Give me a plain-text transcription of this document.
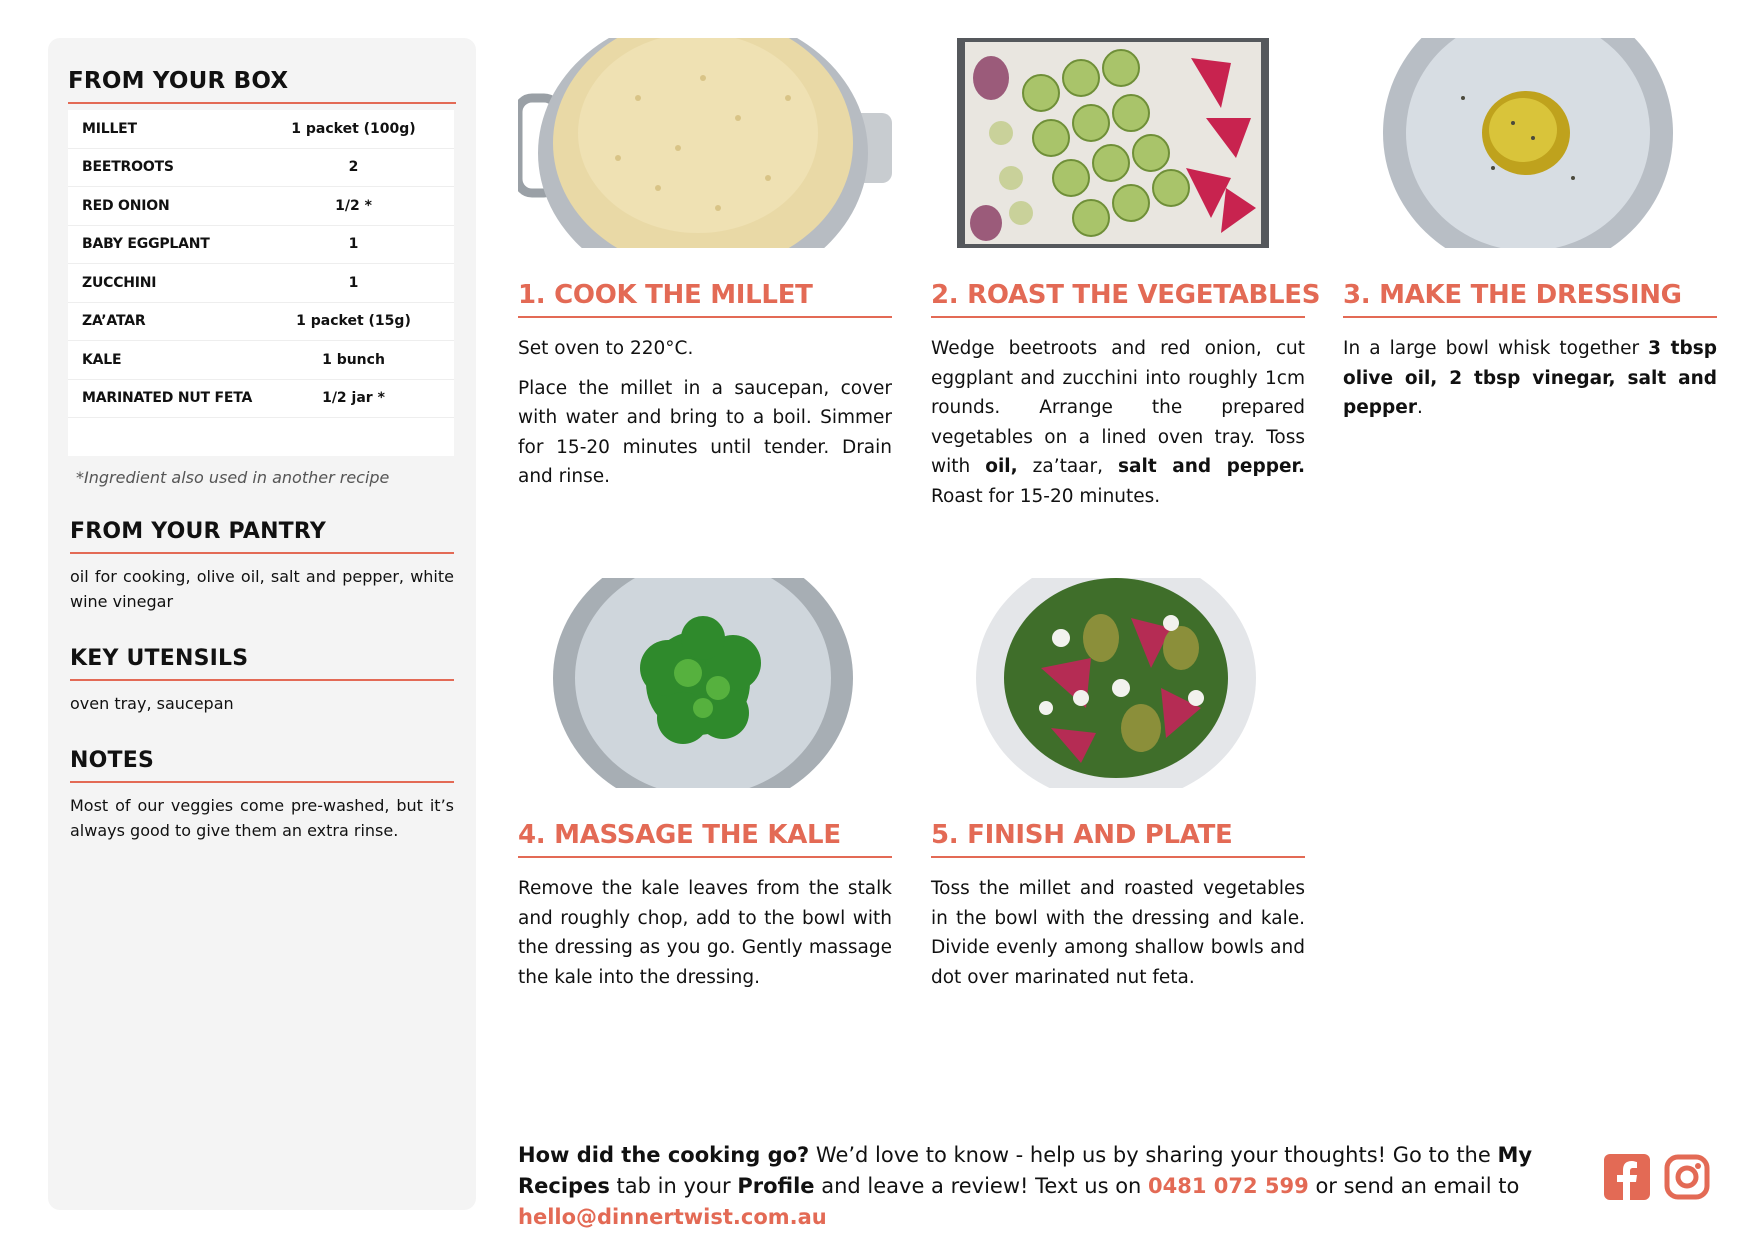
FROM YOUR BOX
MILLET	1 packet (100g)
BEETROOTS	2
RED ONION	1/2 *
BABY EGGPLANT	1
ZUCCHINI	1
ZA’ATAR	1 packet (15g)
KALE	1 bunch
MARINATED NUT FETA	1/2 jar *
*Ingredient also used in another recipe
FROM YOUR PANTRY
oil for cooking, olive oil, salt and pepper, white wine vinegar
KEY UTENSILS
oven tray, saucepan
NOTES
Most of our veggies come pre-washed, but it’s always good to give them an extra rinse.
1. COOK THE MILLET

Set oven to 220°C.

Place the millet in a saucepan, cover with water and bring to a boil. Simmer for 15-20 minutes until tender. Drain and rinse.

2. ROAST THE VEGETABLES
Wedge beetroots and red onion, cut eggplant and zucchini into roughly 1cm rounds. Arrange the prepared vegetables on a lined oven tray. Toss with oil, za’taar, salt and pepper. Roast for 15-20 minutes.
3. MAKE THE DRESSING
In a large bowl whisk together 3 tbsp olive oil, 2 tbsp vinegar, salt and pepper.
4. MASSAGE THE KALE
Remove the kale leaves from the stalk and roughly chop, add to the bowl with the dressing as you go. Gently massage the kale into the dressing.
5. FINISH AND PLATE
Toss the millet and roasted vegetables in the bowl with the dressing and kale. Divide evenly among shallow bowls and dot over marinated nut feta.
How did the cooking go? We’d love to know - help us by sharing your thoughts! Go to the My Recipes tab in your Profile and leave a review! Text us on 0481 072 599 or send an email to hello@dinnertwist.com.au
